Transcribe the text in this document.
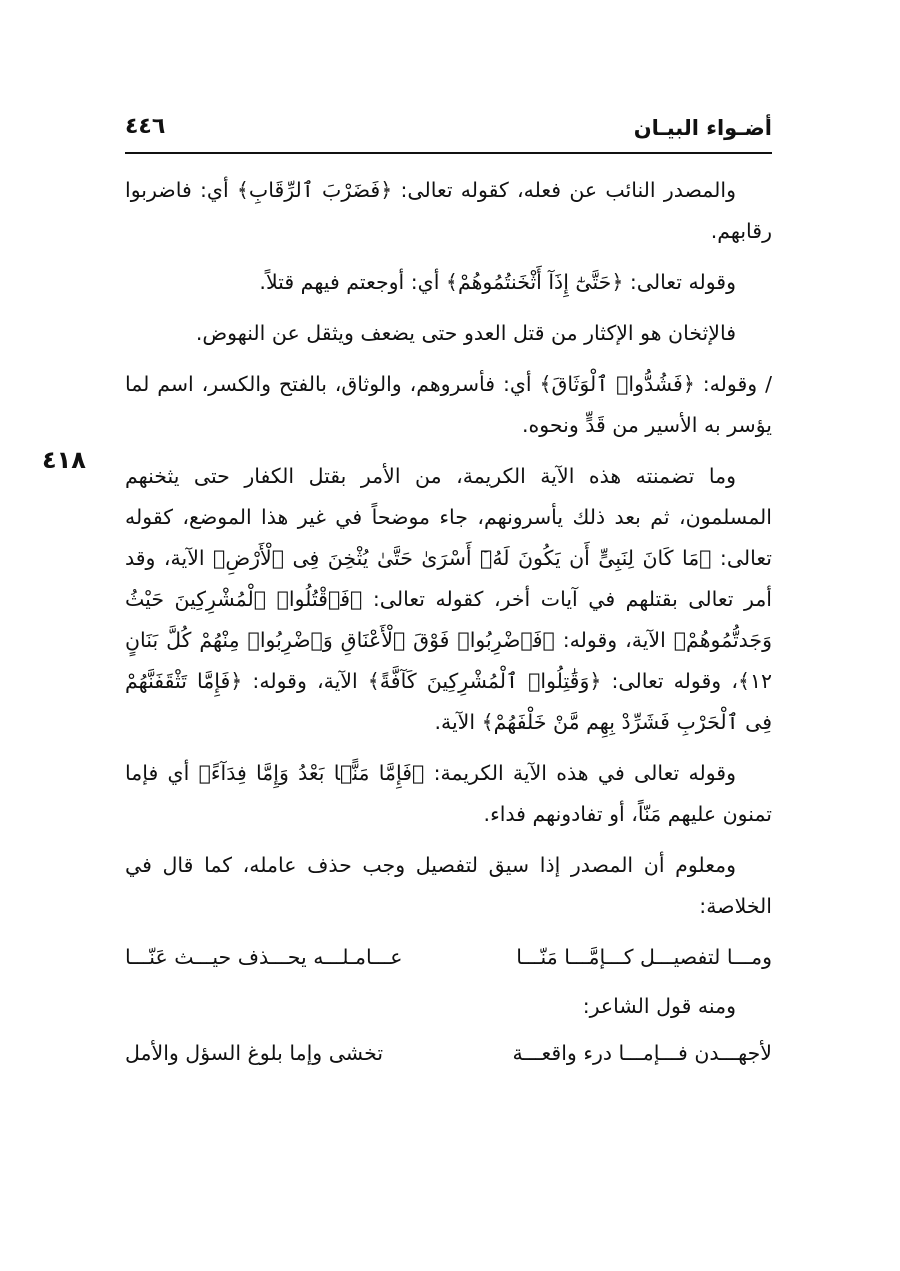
أضـواء البيـان
٤٤٦
٤١٨

والمصدر النائب عن فعله، كقوله تعالى: ﴿فَضَرْبَ ٱلرِّقَابِ﴾ أي: فاضربوا رقابهم.

وقوله تعالى: ﴿حَتَّىٰٓ إِذَآ أَثْخَنتُمُوهُمْ﴾ أي: أوجعتم فيهم قتلاً.

فالإثخان هو الإكثار من قتل العدو حتى يضعف ويثقل عن النهوض.

/ وقوله: ﴿فَشُدُّوا۟ ٱلْوَثَاقَ﴾ أي: فأسروهم، والوثاق، بالفتح والكسر، اسم لما يؤسر به الأسير من قَدٍّ ونحوه.

وما تضمنته هذه الآية الكريمة، من الأمر بقتل الكفار حتى يثخنهم المسلمون، ثم بعد ذلك يأسرونهم، جاء موضحاً في غير هذا الموضع، كقوله تعالى: ﴿مَا كَانَ لِنَبِىٍّ أَن يَكُونَ لَهُۥٓ أَسْرَىٰ حَتَّىٰ يُثْخِنَ فِى ٱلْأَرْضِ﴾ الآية، وقد أمر تعالى بقتلهم في آيات أخر، كقوله تعالى: ﴿فَٱقْتُلُوا۟ ٱلْمُشْرِكِينَ حَيْثُ وَجَدتُّمُوهُمْ﴾ الآية، وقوله: ﴿فَٱضْرِبُوا۟ فَوْقَ ٱلْأَعْنَاقِ وَٱضْرِبُوا۟ مِنْهُمْ كُلَّ بَنَانٍ ١٢﴾، وقوله تعالى: ﴿وَقَٰتِلُوا۟ ٱلْمُشْرِكِينَ كَآفَّةً﴾ الآية، وقوله: ﴿فَإِمَّا تَثْقَفَنَّهُمْ فِى ٱلْحَرْبِ فَشَرِّدْ بِهِم مَّنْ خَلْفَهُمْ﴾ الآية.

وقوله تعالى في هذه الآية الكريمة: ﴿فَإِمَّا مَنًّۢا بَعْدُ وَإِمَّا فِدَآءً﴾ أي فإما تمنون عليهم مَنّاً، أو تفادونهم فداء.

ومعلوم أن المصدر إذا سيق لتفصيل وجب حذف عامله، كما قال في الخلاصة:

ومـــا لتفصيـــل كـــإمَّـــا مَنّـــا
عـــامـلـــه يحـــذف حيـــث عَنّـــا

ومنه قول الشاعر:

لأجهـــدن فـــإمـــا درء واقعـــة
تخشى وإما بلوغ السؤل والأمل
